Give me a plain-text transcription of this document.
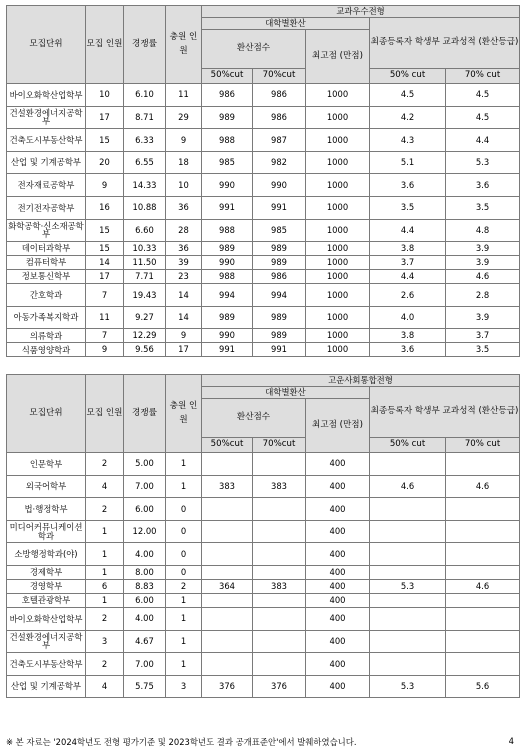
모집단위	모집 인원	경쟁률	충원 인원	교과우수전형				
				대학별환산			최종등록자 학생부 교과성적 (환산등급)	
				환산점수		최고점 (만점)		
				50%cut	70%cut		50% cut	70% cut
바이오화학산업학부	10	6.10	11	986	986	1000	4.5	4.5
건설환경에너지공학부	17	8.71	29	989	986	1000	4.2	4.5
건축도시부동산학부	15	6.33	9	988	987	1000	4.3	4.4
산업 및 기계공학부	20	6.55	18	985	982	1000	5.1	5.3
전자재료공학부	9	14.33	10	990	990	1000	3.6	3.6
전기전자공학부	16	10.88	36	991	991	1000	3.5	3.5
화학공학·신소재공학부	15	6.60	28	988	985	1000	4.4	4.8
데이터과학부	15	10.33	36	989	989	1000	3.8	3.9
컴퓨터학부	14	11.50	39	990	989	1000	3.7	3.9
정보통신학부	17	7.71	23	988	986	1000	4.4	4.6
간호학과	7	19.43	14	994	994	1000	2.6	2.8
아동가족복지학과	11	9.27	14	989	989	1000	4.0	3.9
의류학과	7	12.29	9	990	989	1000	3.8	3.7
식품영양학과	9	9.56	17	991	991	1000	3.6	3.5
모집단위	모집 인원	경쟁률	충원 인원	고운사회통합전형				
				대학별환산			최종등록자 학생부 교과성적 (환산등급)	
				환산점수		최고점 (만점)		
				50%cut	70%cut		50% cut	70% cut
인문학부	2	5.00	1			400		
외국어학부	4	7.00	1	383	383	400	4.6	4.6
법·행정학부	2	6.00	0			400		
미디어커뮤니케이션학과	1	12.00	0			400		
소방행정학과(야)	1	4.00	0			400		
경제학부	1	8.00	0			400		
경영학부	6	8.83	2	364	383	400	5.3	4.6
호텔관광학부	1	6.00	1			400		
바이오화학산업학부	2	4.00	1			400		
건설환경에너지공학부	3	4.67	1			400		
건축도시부동산학부	2	7.00	1			400		
산업 및 기계공학부	4	5.75	3	376	376	400	5.3	5.6
※ 본 자료는 '2024학년도 전형 평가기준 및 2023학년도 결과 공개표준안'에서 발췌하였습니다.	4
